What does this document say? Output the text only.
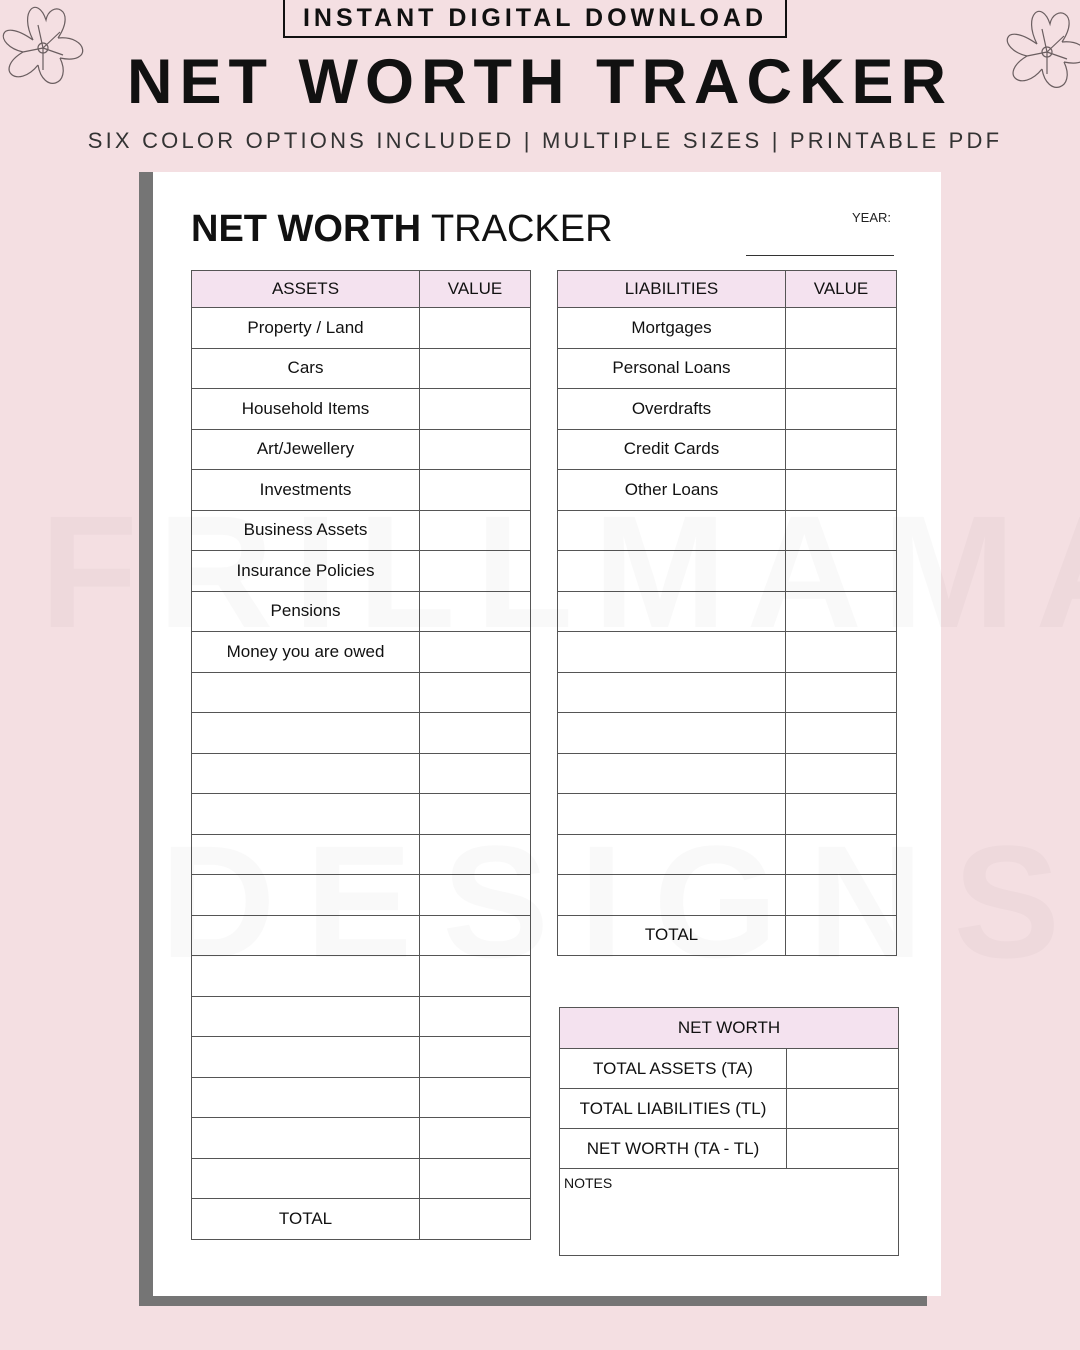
INSTANT DIGITAL DOWNLOAD
NET WORTH TRACKER
SIX COLOR OPTIONS INCLUDED | MULTIPLE SIZES | PRINTABLE PDF
NET WORTH TRACKER	YEAR:
ASSETS	VALUE
Property / Land	
Cars	
Household Items	
Art/Jewellery	
Investments	
Business Assets	
Insurance Policies	
Pensions	
Money you are owed	

TOTAL	
LIABILITIES	VALUE
Mortgages	
Personal Loans	
Overdrafts	
Credit Cards	
Other Loans	

TOTAL	
NET WORTH	
TOTAL ASSETS (TA)	
TOTAL LIABILITIES (TL)	
NET WORTH (TA - TL)	
NOTES	
